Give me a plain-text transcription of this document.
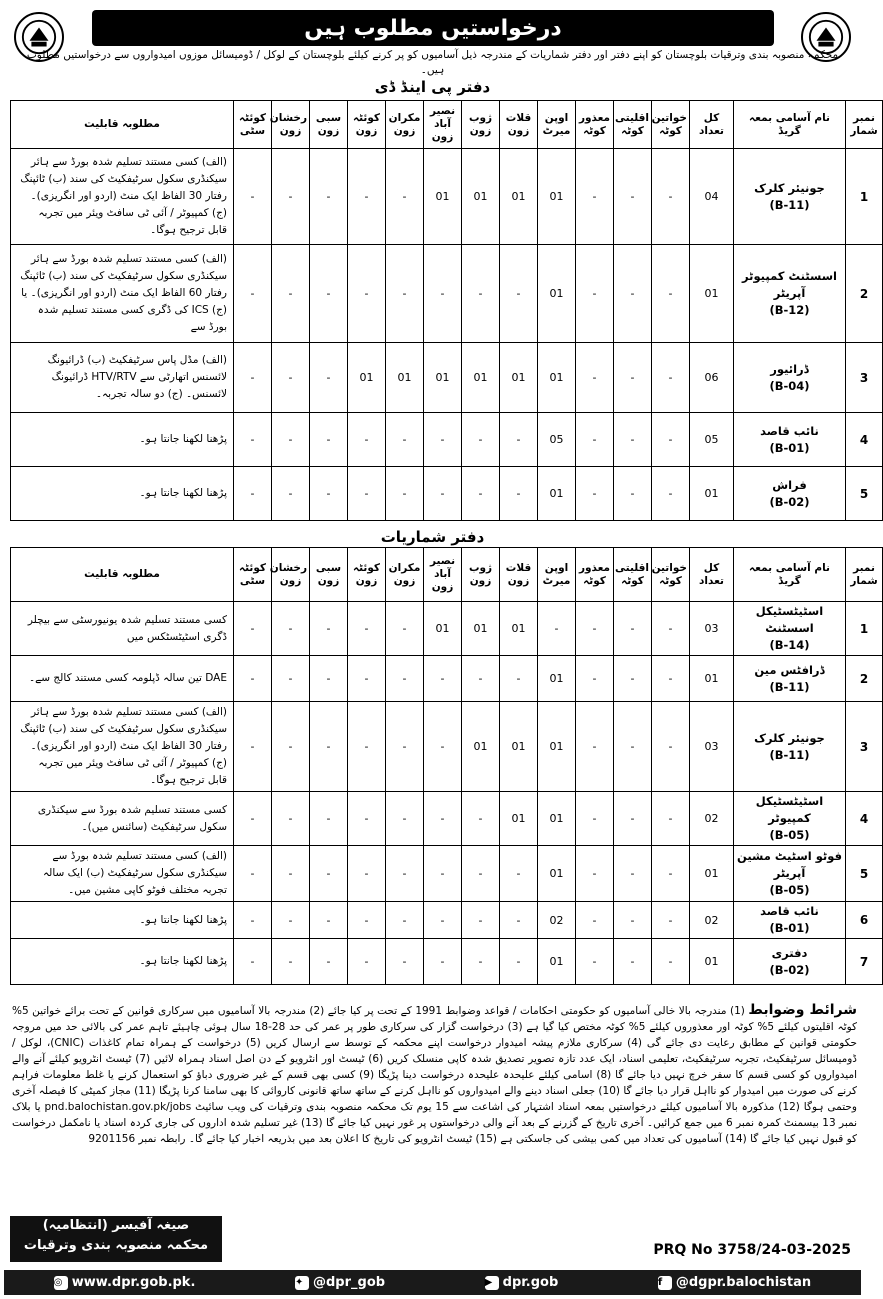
درخواستیں مطلوب ہیں
محکمہ منصوبہ بندی وترقیات بلوچستان کو اپنے دفتر اور دفتر شماریات کے مندرجہ ذیل آسامیوں کو پر کرنے کیلئے بلوچستان کے لوکل / ڈومیسائل موزوں امیدواروں سے درخواستیں مطلوب ہیں۔
دفتر پی اینڈ ڈی
نمبر شمار	نام آسامی بمعہ گریڈ	کل تعداد	خواتین کوٹہ	اقلیتی کوٹہ	معذور کوٹہ	اوپن میرٹ	قلات زون	ژوب زون	نصیر آباد زون	مکران زون	کوئٹہ زون	سبی زون	رخشان زون	کوئٹہ سٹی	مطلوبہ قابلیت
1	جونیئر کلرک
(B-11)	04	-	-	-	01	01	01	01	-	-	-	-	-	(الف) کسی مستند تسلیم شدہ بورڈ سے ہائر سیکنڈری سکول سرٹیفکیٹ کی سند (ب) ٹائپنگ رفتار 30 الفاظ ایک منٹ (اردو اور انگریزی)۔ (ج) کمپیوٹر / آئی ٹی سافٹ ویئر میں تجربہ قابل ترجیح ہوگا۔
2	اسسٹنٹ کمپیوٹر آپریٹر
(B-12)	01	-	-	-	01	-	-	-	-	-	-	-	-	(الف) کسی مستند تسلیم شدہ بورڈ سے ہائر سیکنڈری سکول سرٹیفکیٹ کی سند (ب) ٹائپنگ رفتار 60 الفاظ ایک منٹ (اردو اور انگریزی)۔ یا (ج) ICS کی ڈگری کسی مستند تسلیم شدہ بورڈ سے
3	ڈرائیور
(B-04)	06	-	-	-	01	01	01	01	01	01	-	-	-	(الف) مڈل پاس سرٹیفکیٹ (ب) ڈرائیونگ لائسنس اتھارٹی سے HTV/RTV ڈرائیونگ لائسنس۔ (ج) دو سالہ تجربہ۔
4	نائب قاصد
(B-01)	05	-	-	-	05	-	-	-	-	-	-	-	-	پڑھنا لکھنا جانتا ہو۔
5	فراش
(B-02)	01	-	-	-	01	-	-	-	-	-	-	-	-	پڑھنا لکھنا جانتا ہو۔
دفتر شماریات
نمبر شمار	نام آسامی بمعہ گریڈ	کل تعداد	خواتین کوٹہ	اقلیتی کوٹہ	معذور کوٹہ	اوپن میرٹ	قلات زون	ژوب زون	نصیر آباد زون	مکران زون	کوئٹہ زون	سبی زون	رخشان زون	کوئٹہ سٹی	مطلوبہ قابلیت
1	اسٹیٹسٹیکل اسسٹنٹ
(B-14)	03	-	-	-	-	01	01	01	-	-	-	-	-	کسی مستند تسلیم شدہ یونیورسٹی سے بیچلر ڈگری اسٹیٹسٹکس میں
2	ڈرافٹس مین
(B-11)	01	-	-	-	01	-	-	-	-	-	-	-	-	DAE تین سالہ ڈپلومہ کسی مستند کالج سے۔
3	جونیئر کلرک
(B-11)	03	-	-	-	01	01	01	-	-	-	-	-	-	(الف) کسی مستند تسلیم شدہ بورڈ سے ہائر سیکنڈری سکول سرٹیفکیٹ کی سند (ب) ٹائپنگ رفتار 30 الفاظ ایک منٹ (اردو اور انگریزی)۔ (ج) کمپیوٹر / آئی ٹی سافٹ ویئر میں تجربہ قابل ترجیح ہوگا۔
4	اسٹیٹسٹیکل کمپیوٹر
(B-05)	02	-	-	-	01	01	-	-	-	-	-	-	-	کسی مستند تسلیم شدہ بورڈ سے سیکنڈری سکول سرٹیفکیٹ (سائنس میں)۔
5	فوٹو اسٹیٹ مشین آپریٹر
(B-05)	01	-	-	-	01	-	-	-	-	-	-	-	-	(الف) کسی مستند تسلیم شدہ بورڈ سے سیکنڈری سکول سرٹیفکیٹ (ب) ایک سالہ تجربہ مختلف فوٹو کاپی مشین میں۔
6	نائب قاصد
(B-01)	02	-	-	-	02	-	-	-	-	-	-	-	-	پڑھنا لکھنا جانتا ہو۔
7	دفتری
(B-02)	01	-	-	-	01	-	-	-	-	-	-	-	-	پڑھنا لکھنا جانتا ہو۔
شرائط وضوابط (1) مندرجہ بالا خالی آسامیوں کو حکومتی احکامات / قواعد وضوابط 1991 کے تحت پر کیا جائے (2) مندرجہ بالا آسامیوں میں سرکاری قوانین کے تحت برائے خواتین 5% کوٹہ اقلیتوں کیلئے 5% کوٹہ اور معذوروں کیلئے 5% کوٹہ مختص کیا گیا ہے (3) درخواست گزار کی سرکاری طور پر عمر کی حد 28-18 سال ہوئی چاہیئے تاہم عمر کی بالائی حد میں مروجہ حکومتی قوانین کے مطابق رعایت دی جائے گی (4) سرکاری ملازم پیشہ امیدوار درخواست اپنے محکمہ کے توسط سے ارسال کریں (5) درخواست کے ہمراہ تمام کاغذات (CNIC)، لوکل / ڈومیسائل سرٹیفکیٹ، تجربہ سرٹیفکیٹ، تعلیمی اسناد، ایک عدد تازہ تصویر تصدیق شدہ کاپی منسلک کریں (6) ٹیسٹ اور انٹرویو کے دن اصل اسناد ہمراہ لائیں (7) ٹیسٹ انٹرویو کیلئے آنے والے امیدواروں کو کسی قسم کا سفر خرچ نہیں دیا جائے گا (8) اسامی کیلئے علیحدہ علیحدہ درخواست دینا پڑیگا (9) کسی بھی قسم کے غیر ضروری دباؤ کو استعمال کرنے یا غلط معلومات فراہم کرنے کی صورت میں امیدوار کو نااہل قرار دیا جائے گا (10) جعلی اسناد دینے والے امیدواروں کو نااہل کرنے کے ساتھ ساتھ قانونی کاروائی کا بھی سامنا کرنا پڑیگا (11) مجاز کمیٹی کا فیصلہ آخری وحتمی ہوگا (12) مذکورہ بالا آسامیوں کیلئے درخواستیں بمعہ اسناد اشتہار کی اشاعت سے 15 یوم تک محکمہ منصوبہ بندی وترقیات کی ویب سائیٹ pnd.balochistan.gov.pk/jobs یا بلاک نمبر 13 بیسمنٹ کمرہ نمبر 6 میں جمع کرائیں۔ آخری تاریخ کے گزرنے کے بعد آنے والی درخواستوں پر غور نہیں کیا جائے گا (13) غیر تسلیم شدہ اداروں کی جاری کردہ اسناد یا نامکمل درخواست کو قبول نہیں کیا جائے گا (14) آسامیوں کی تعداد میں کمی بیشی کی جاسکتی ہے (15) ٹیسٹ انٹرویو کی تاریخ کا اعلان بعد میں بذریعہ اخبار کیا جائے گا۔ رابطہ نمبر 9201156
صیغہ آفیسر (انتظامیہ)
محکمہ منصوبہ بندی وترقیات	PRQ No 3758/24-03-2025
◎ www.dpr.gob.pk.	✦ @dpr_gob	▶ dpr.gob	f	@dgpr.balochistan
